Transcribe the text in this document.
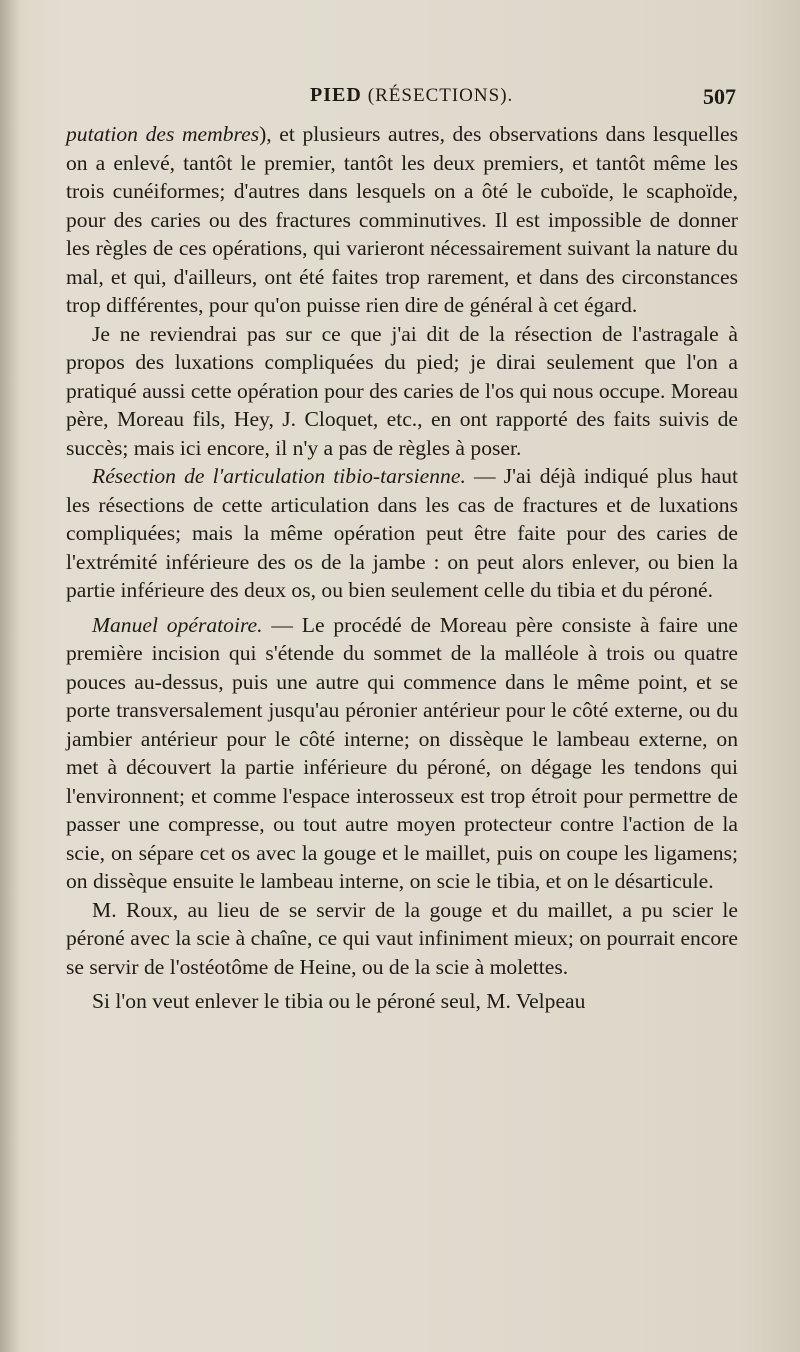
PIED (RÉSECTIONS).	507

putation des membres), et plusieurs autres, des observations dans lesquelles on a enlevé, tantôt le premier, tantôt les deux premiers, et tantôt même les trois cunéiformes; d'autres dans lesquels on a ôté le cuboïde, le scaphoïde, pour des caries ou des fractures comminutives. Il est impossible de donner les règles de ces opérations, qui varieront nécessairement suivant la nature du mal, et qui, d'ailleurs, ont été faites trop rarement, et dans des circonstances trop différentes, pour qu'on puisse rien dire de général à cet égard.

Je ne reviendrai pas sur ce que j'ai dit de la résection de l'astragale à propos des luxations compliquées du pied; je dirai seulement que l'on a pratiqué aussi cette opération pour des caries de l'os qui nous occupe. Moreau père, Moreau fils, Hey, J. Cloquet, etc., en ont rapporté des faits suivis de succès; mais ici encore, il n'y a pas de règles à poser.

Résection de l'articulation tibio-tarsienne. — J'ai déjà indiqué plus haut les résections de cette articulation dans les cas de fractures et de luxations compliquées; mais la même opération peut être faite pour des caries de l'extrémité inférieure des os de la jambe : on peut alors enlever, ou bien la partie inférieure des deux os, ou bien seulement celle du tibia et du péroné.

Manuel opératoire. — Le procédé de Moreau père consiste à faire une première incision qui s'étende du sommet de la malléole à trois ou quatre pouces au-dessus, puis une autre qui commence dans le même point, et se porte transversalement jusqu'au péronier antérieur pour le côté externe, ou du jambier antérieur pour le côté interne; on dissèque le lambeau externe, on met à découvert la partie inférieure du péroné, on dégage les tendons qui l'environnent; et comme l'espace interosseux est trop étroit pour permettre de passer une compresse, ou tout autre moyen protecteur contre l'action de la scie, on sépare cet os avec la gouge et le maillet, puis on coupe les ligamens; on dissèque ensuite le lambeau interne, on scie le tibia, et on le désarticule.

M. Roux, au lieu de se servir de la gouge et du maillet, a pu scier le péroné avec la scie à chaîne, ce qui vaut infiniment mieux; on pourrait encore se servir de l'ostéotôme de Heine, ou de la scie à molettes.

Si l'on veut enlever le tibia ou le péroné seul, M. Velpeau
